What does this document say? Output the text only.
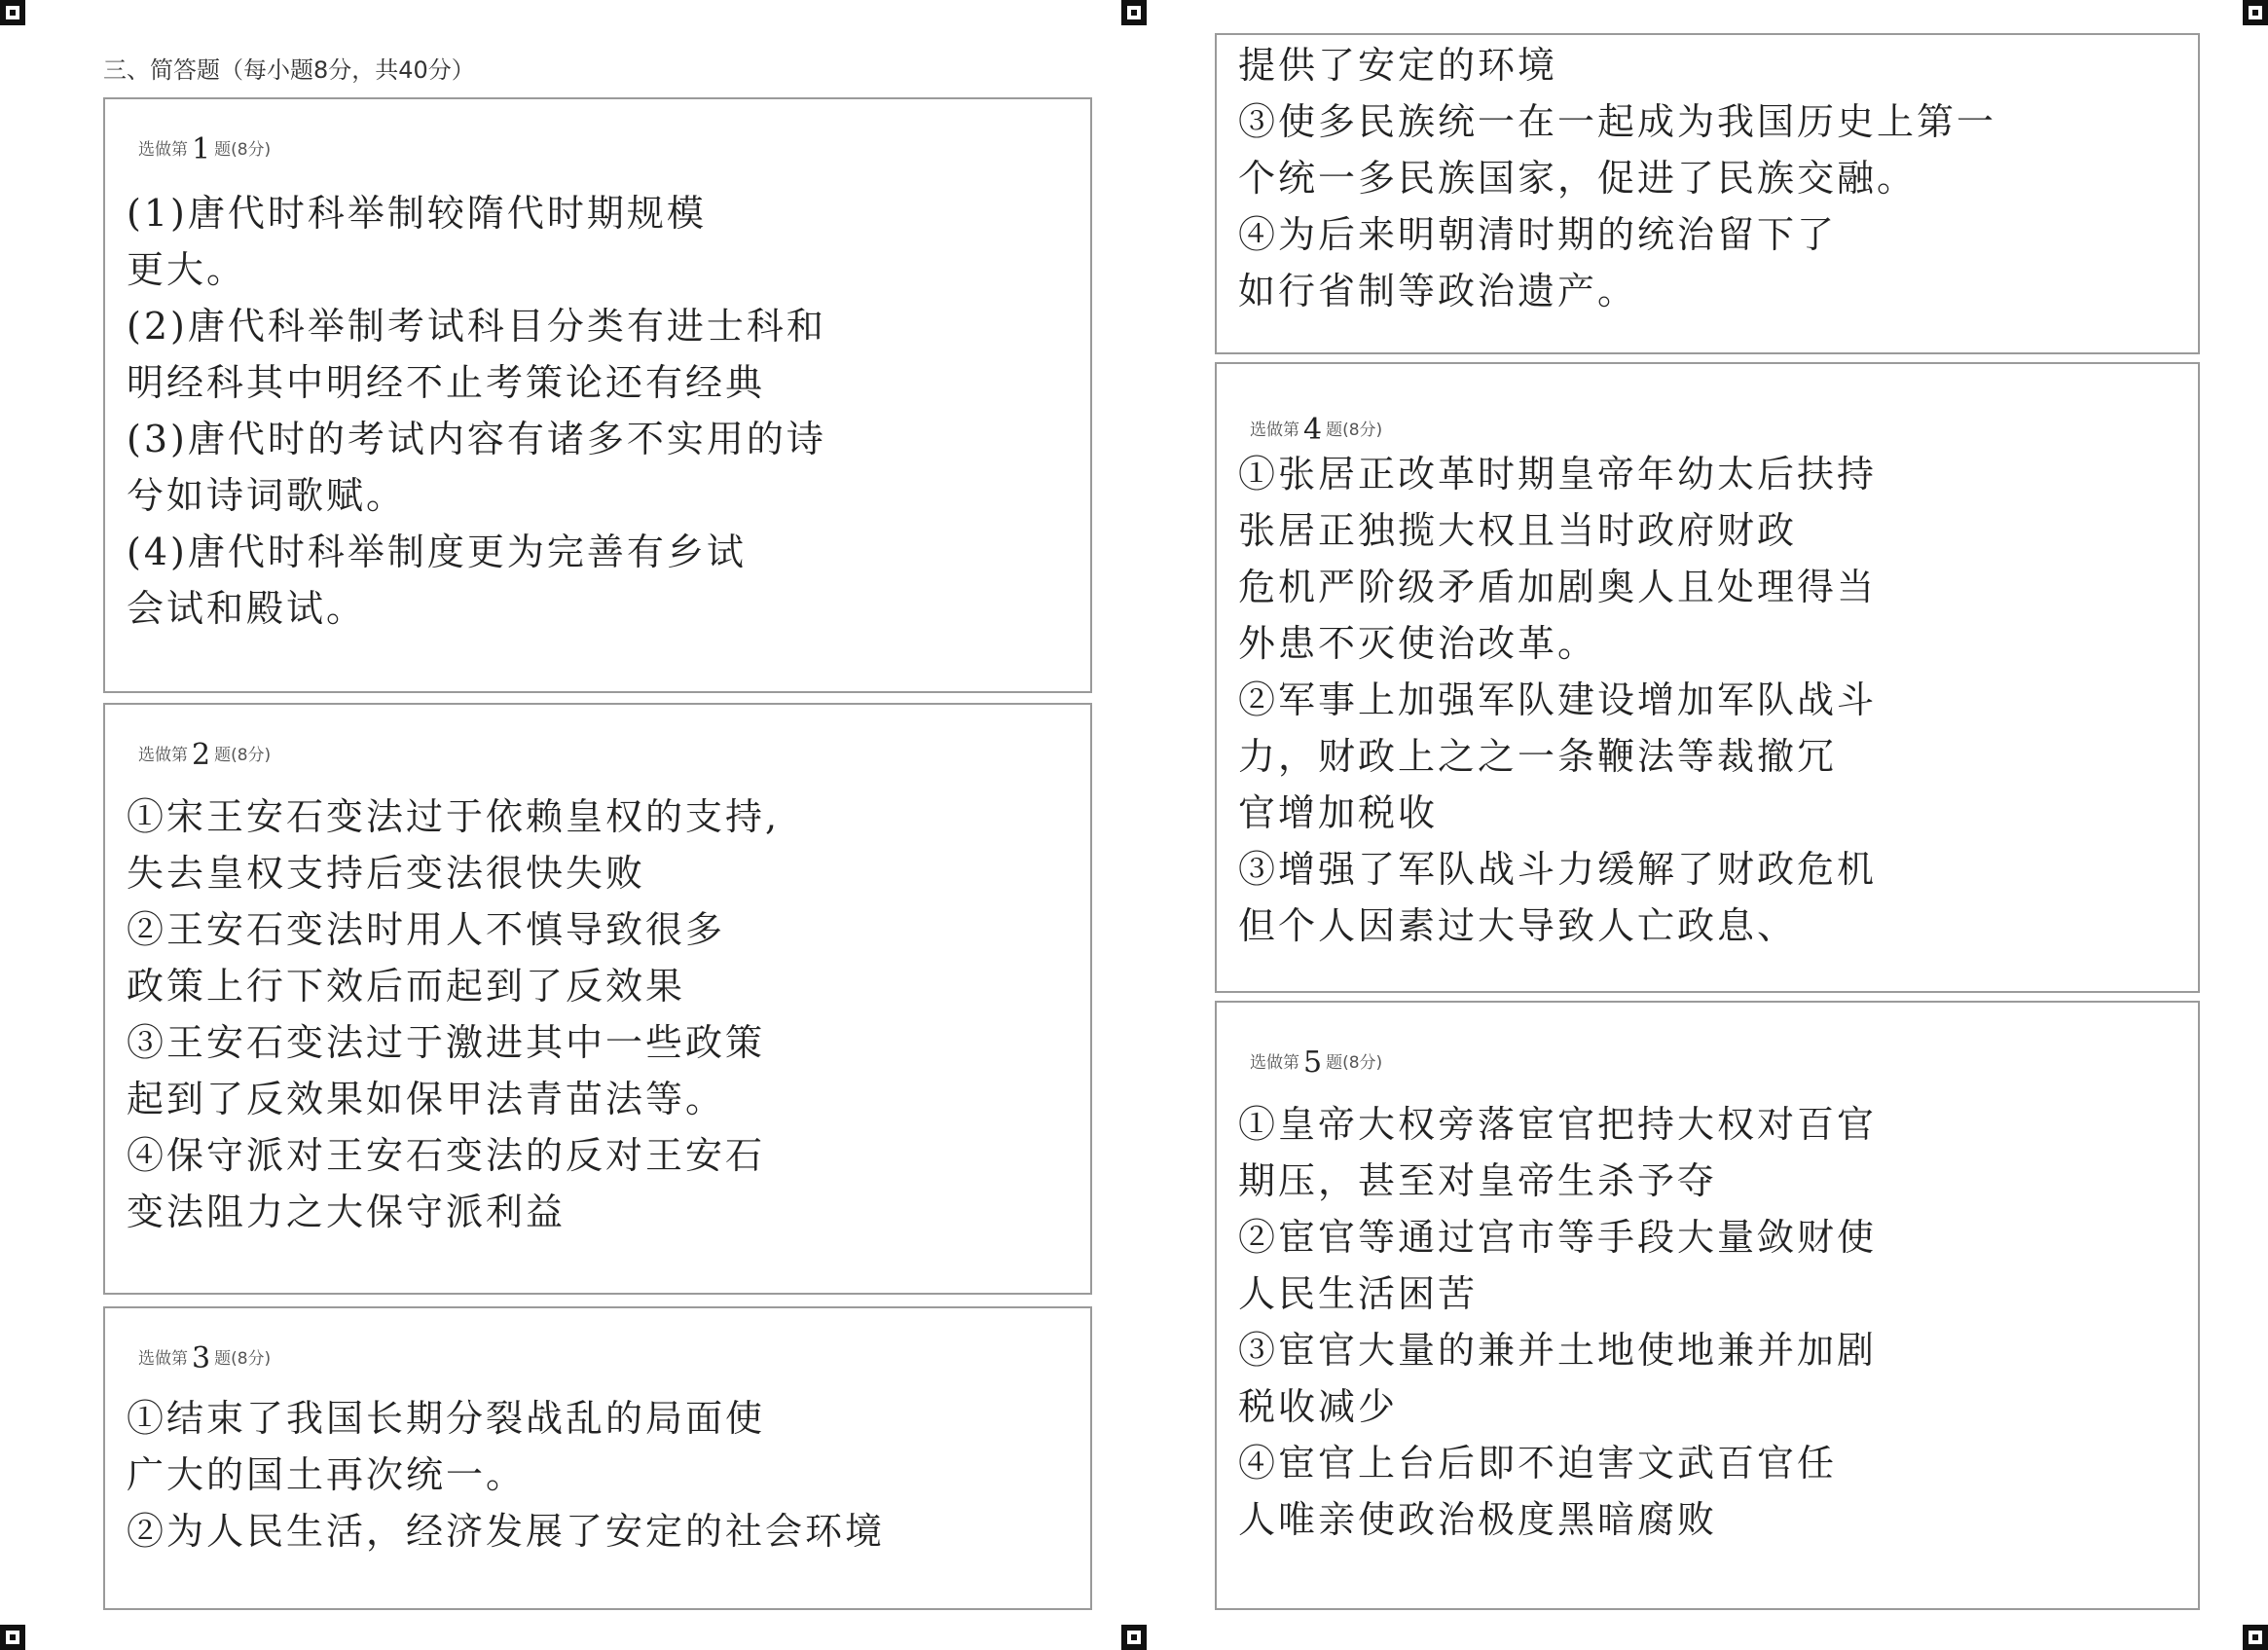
三、简答题（每小题8分，共40分）
选做第 1 题(8分)
(1)唐代时科举制较隋代时期规模
更大。
(2)唐代科举制考试科目分类有进士科和
明经科其中明经不止考策论还有经典
(3)唐代时的考试内容有诸多不实用的诗
兮如诗词歌赋。
(4)唐代时科举制度更为完善有乡试
会试和殿试。
选做第 2 题(8分)
①宋王安石变法过于依赖皇权的支持,
失去皇权支持后变法很快失败
②王安石变法时用人不慎导致很多
政策上行下效后而起到了反效果
③王安石变法过于激进其中一些政策
起到了反效果如保甲法青苗法等。
④保守派对王安石变法的反对王安石
变法阻力之大保守派利益
选做第 3 题(8分)
①结束了我国长期分裂战乱的局面使
广大的国土再次统一。
②为人民生活，经济发展了安定的社会环境
提供了安定的环境
③使多民族统一在一起成为我国历史上第一
个统一多民族国家，促进了民族交融。
④为后来明朝清时期的统治留下了
如行省制等政治遗产。
选做第 4 题(8分)
①张居正改革时期皇帝年幼太后扶持
张居正独揽大权且当时政府财政
危机严阶级矛盾加剧奥人且处理得当
外患不灭使治改革。
②军事上加强军队建设增加军队战斗
力，财政上之之一条鞭法等裁撤冗
官增加税收
③增强了军队战斗力缓解了财政危机
但个人因素过大导致人亡政息、
选做第 5 题(8分)
①皇帝大权旁落宦官把持大权对百官
期压，甚至对皇帝生杀予夺
②宦官等通过宫市等手段大量敛财使
人民生活困苦
③宦官大量的兼并土地使地兼并加剧
税收减少
④宦官上台后即不迫害文武百官任
人唯亲使政治极度黑暗腐败
